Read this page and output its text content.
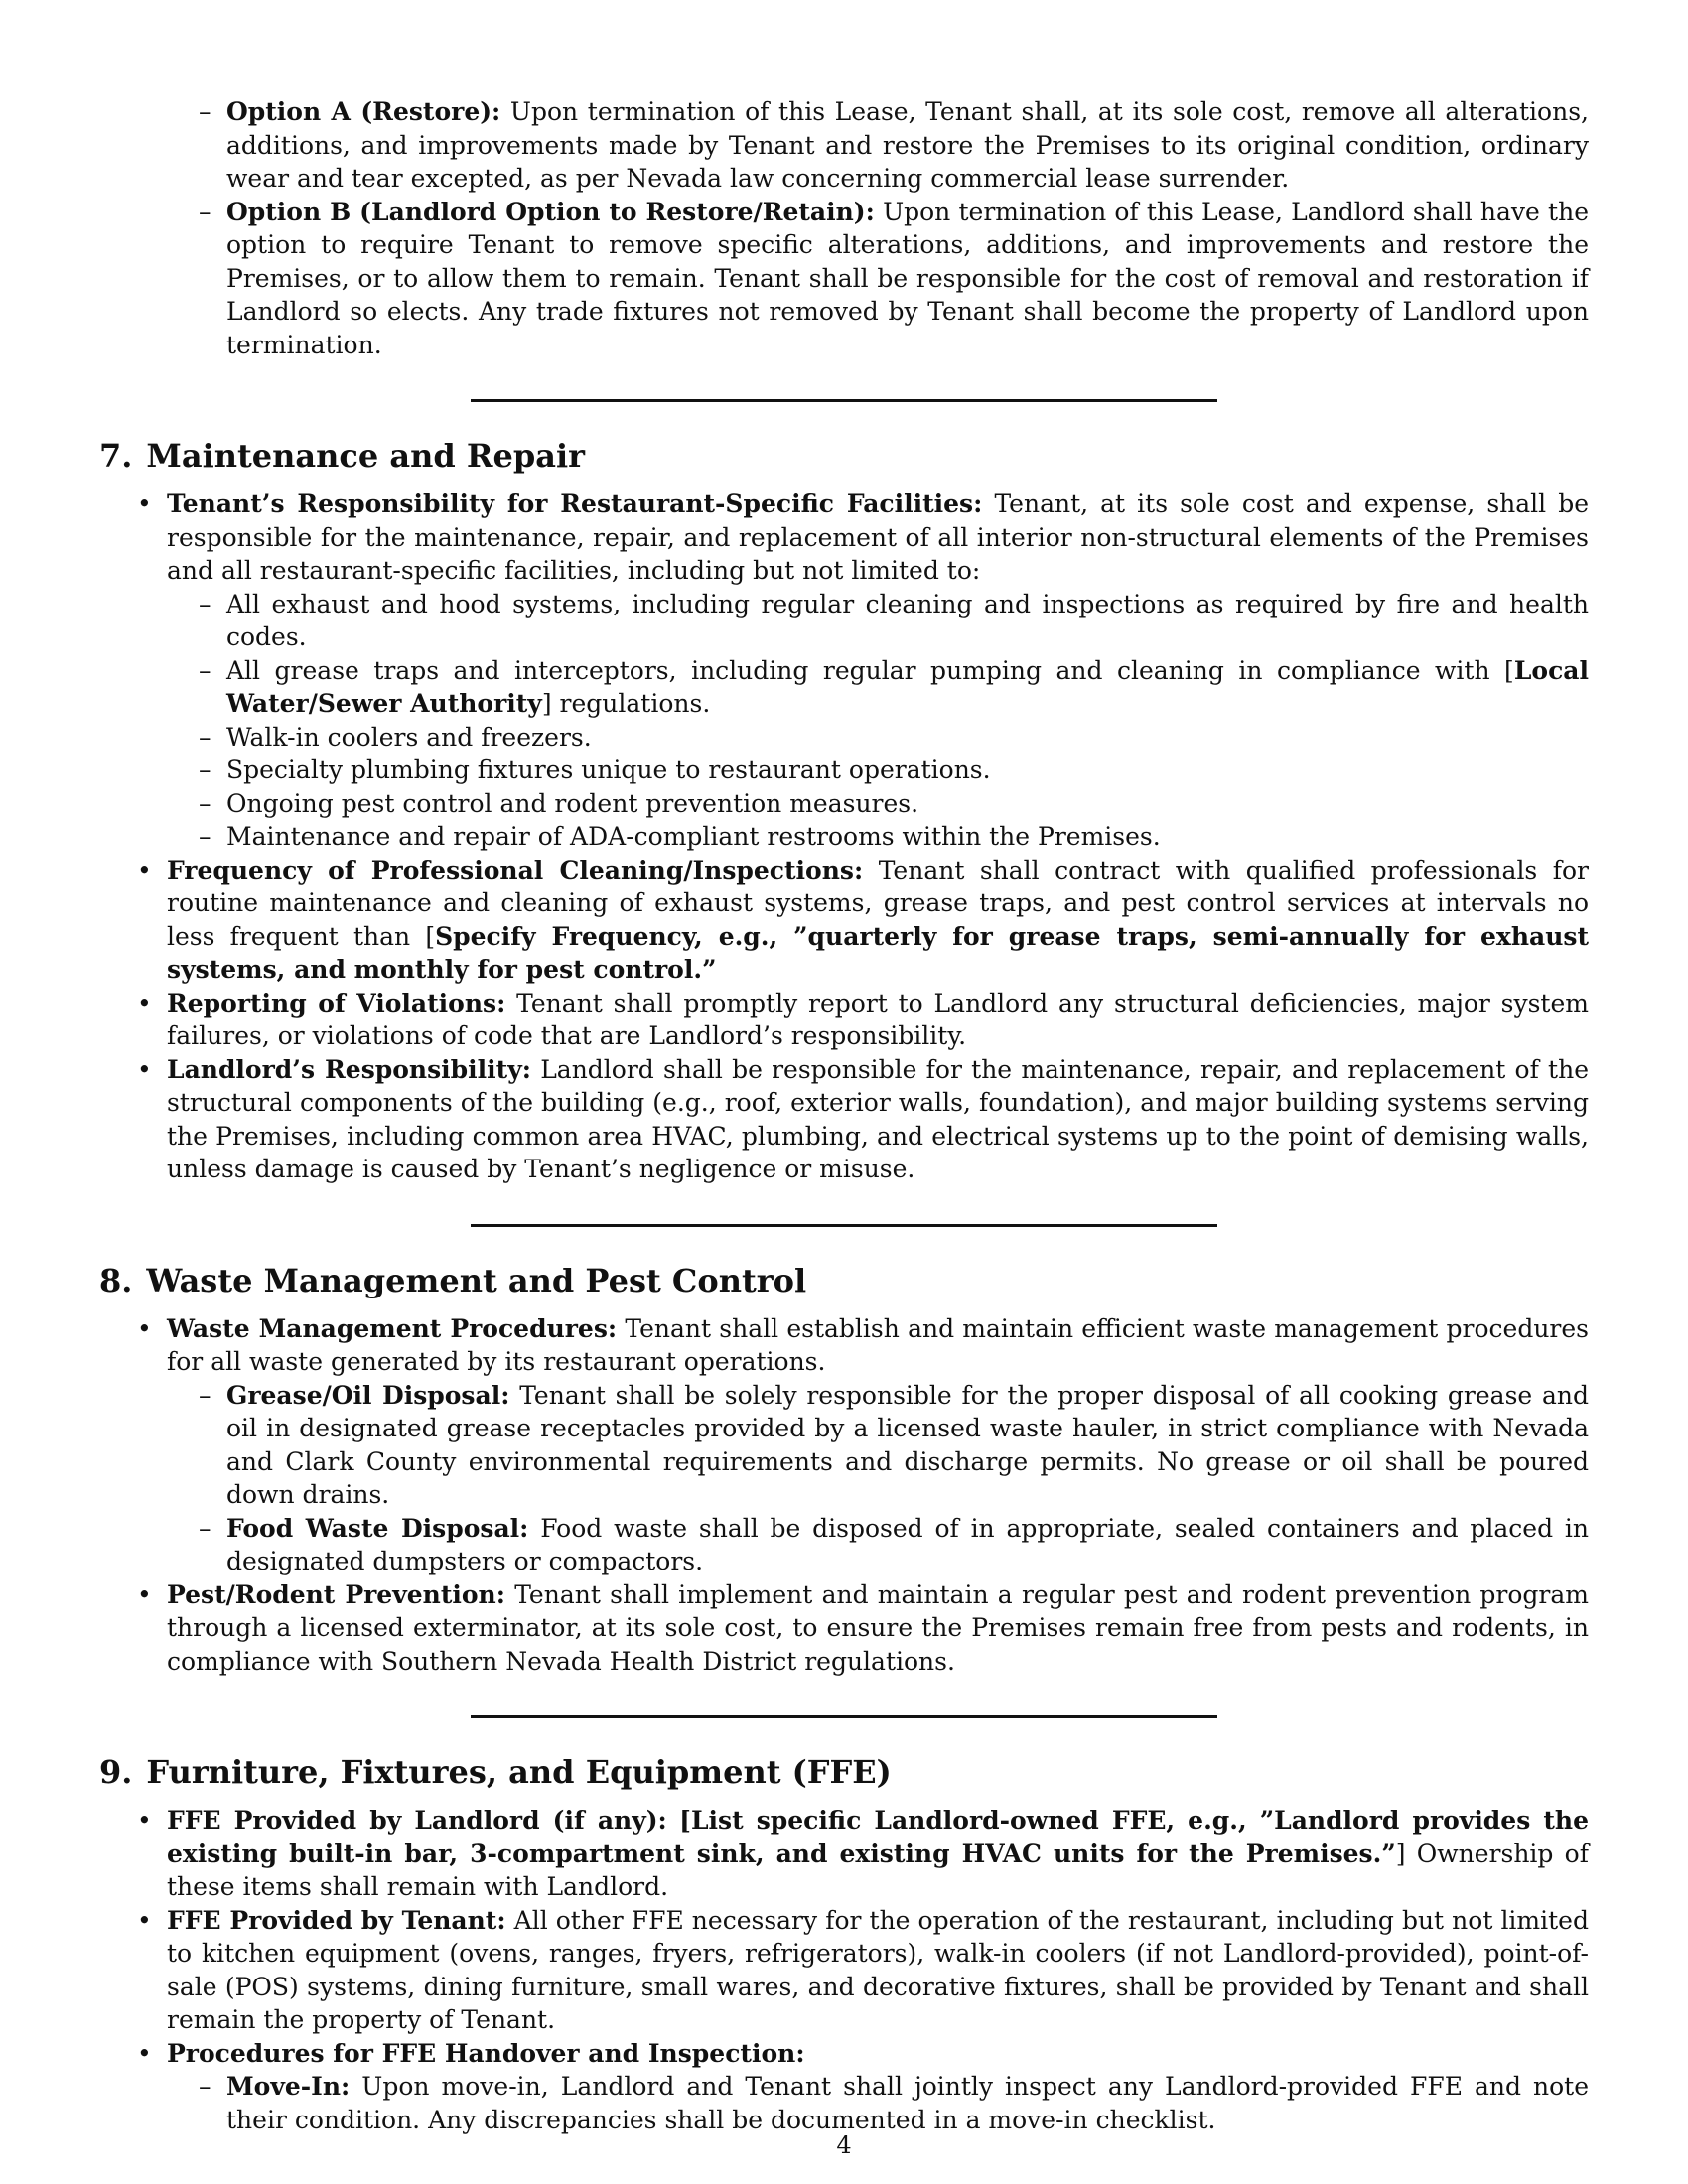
– Option A (Restore): Upon termination of this Lease, Tenant shall, at its sole cost, remove all alterations, additions, and improvements made by Tenant and restore the Premises to its original condition, ordinary wear and tear excepted, as per Nevada law concerning commercial lease surrender.
– Option B (Landlord Option to Restore/Retain): Upon termination of this Lease, Landlord shall have the option to require Tenant to remove specific alterations, additions, and improvements and restore the Premises, or to allow them to remain. Tenant shall be responsible for the cost of removal and restoration if Landlord so elects. Any trade fixtures not removed by Tenant shall become the property of Landlord upon termination.
7. Maintenance and Repair
• Tenant’s Responsibility for Restaurant-Specific Facilities: Tenant, at its sole cost and expense, shall be responsible for the maintenance, repair, and replacement of all interior non-structural elements of the Premises and all restaurant-specific facilities, including but not limited to:
– All exhaust and hood systems, including regular cleaning and inspections as required by fire and health codes.
– All grease traps and interceptors, including regular pumping and cleaning in compliance with [Local Water/Sewer Authority] regulations.
– Walk-in coolers and freezers.
– Specialty plumbing fixtures unique to restaurant operations.
– Ongoing pest control and rodent prevention measures.
– Maintenance and repair of ADA-compliant restrooms within the Premises.
• Frequency of Professional Cleaning/Inspections: Tenant shall contract with qualified professionals for routine maintenance and cleaning of exhaust systems, grease traps, and pest control services at intervals no less frequent than [Specify Frequency, e.g., ”quarterly for grease traps, semi-annually for exhaust systems, and monthly for pest control.”
• Reporting of Violations: Tenant shall promptly report to Landlord any structural deficiencies, major system failures, or violations of code that are Landlord’s responsibility.
• Landlord’s Responsibility: Landlord shall be responsible for the maintenance, repair, and replacement of the structural components of the building (e.g., roof, exterior walls, foundation), and major building systems serving the Premises, including common area HVAC, plumbing, and electrical systems up to the point of demising walls, unless damage is caused by Tenant’s negligence or misuse.
8. Waste Management and Pest Control
• Waste Management Procedures: Tenant shall establish and maintain efficient waste management procedures for all waste generated by its restaurant operations.
– Grease/Oil Disposal: Tenant shall be solely responsible for the proper disposal of all cooking grease and oil in designated grease receptacles provided by a licensed waste hauler, in strict compliance with Nevada and Clark County environmental requirements and discharge permits. No grease or oil shall be poured down drains.
– Food Waste Disposal: Food waste shall be disposed of in appropriate, sealed containers and placed in designated dumpsters or compactors.
• Pest/Rodent Prevention: Tenant shall implement and maintain a regular pest and rodent prevention program through a licensed exterminator, at its sole cost, to ensure the Premises remain free from pests and rodents, in compliance with Southern Nevada Health District regulations.
9. Furniture, Fixtures, and Equipment (FFE)
• FFE Provided by Landlord (if any): [List specific Landlord-owned FFE, e.g., ”Landlord provides the existing built-in bar, 3-compartment sink, and existing HVAC units for the Premises.”] Ownership of these items shall remain with Landlord.
• FFE Provided by Tenant: All other FFE necessary for the operation of the restaurant, including but not limited to kitchen equipment (ovens, ranges, fryers, refrigerators), walk-in coolers (if not Landlord-provided), point-of-sale (POS) systems, dining furniture, small wares, and decorative fixtures, shall be provided by Tenant and shall remain the property of Tenant.
• Procedures for FFE Handover and Inspection:
– Move-In: Upon move-in, Landlord and Tenant shall jointly inspect any Landlord-provided FFE and note their condition. Any discrepancies shall be documented in a move-in checklist.
4
